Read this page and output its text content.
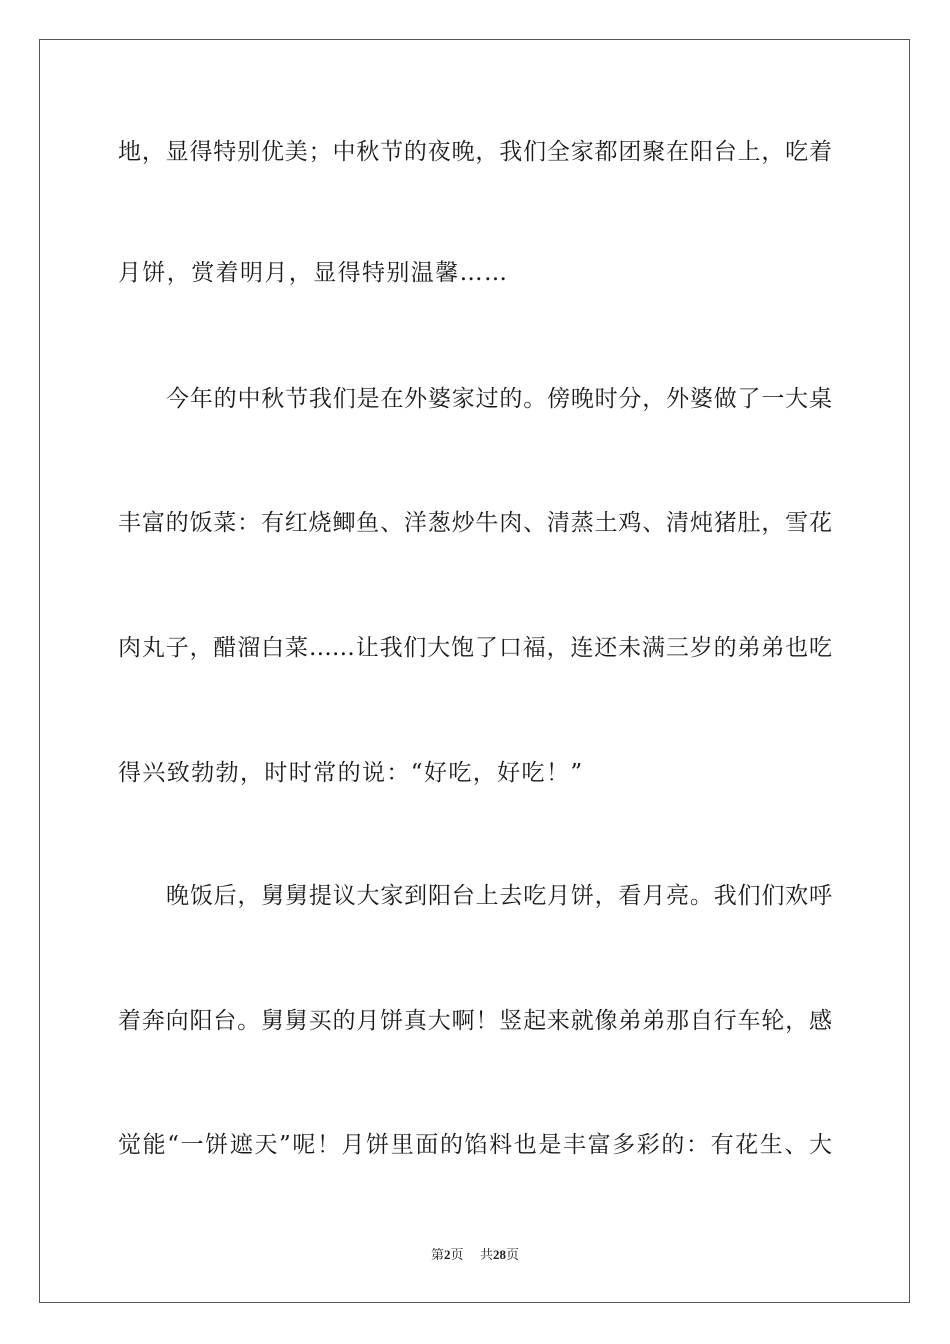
地，显得特别优美；中秋节的夜晚，我们全家都团聚在阳台上，吃着
月饼，赏着明月，显得特别温馨……
今年的中秋节我们是在外婆家过的。傍晚时分，外婆做了一大桌
丰富的饭菜：有红烧鲫鱼、洋葱炒牛肉、清蒸土鸡、清炖猪肚，雪花
肉丸子，醋溜白菜……让我们大饱了口福，连还未满三岁的弟弟也吃
得兴致勃勃，时时常的说：“好吃，好吃！”
晚饭后，舅舅提议大家到阳台上去吃月饼，看月亮。我们们欢呼
着奔向阳台。舅舅买的月饼真大啊！竖起来就像弟弟那自行车轮，感
觉能“一饼遮天”呢！月饼里面的馅料也是丰富多彩的：有花生、大
第2页 共28页
